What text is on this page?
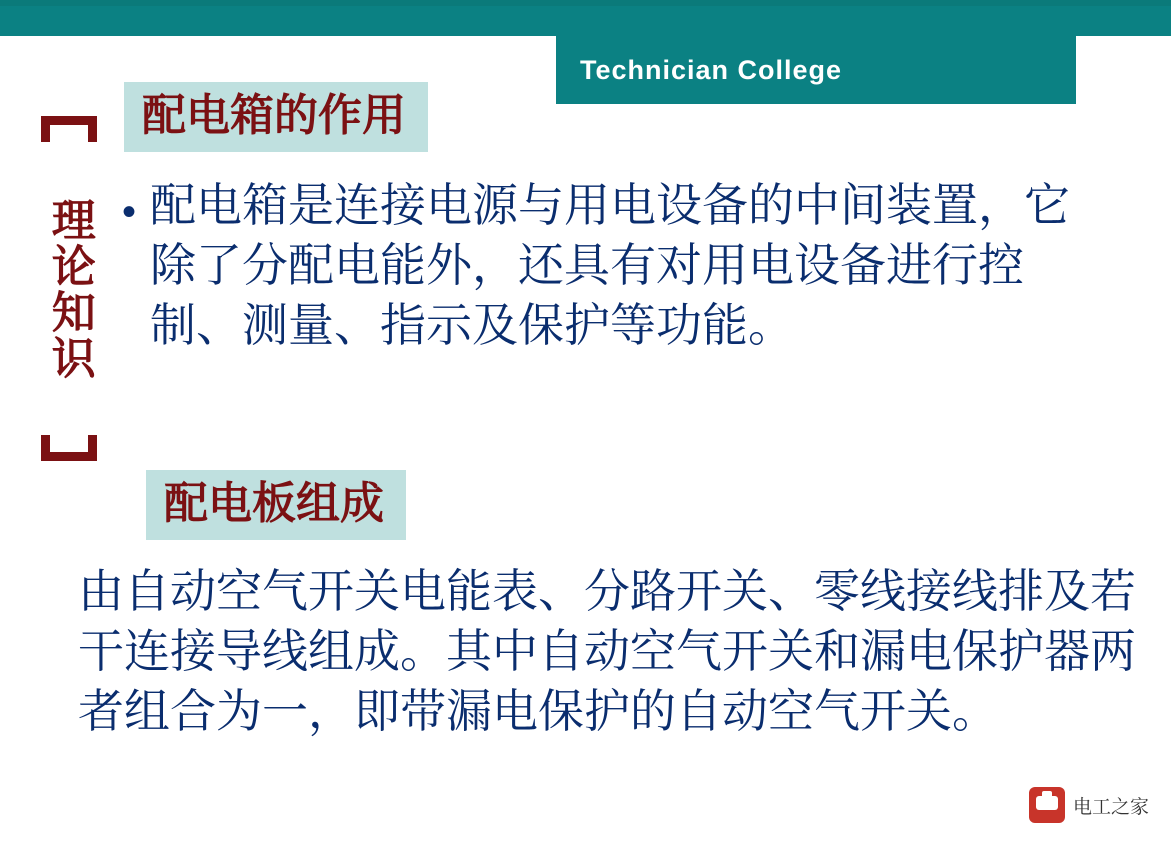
Technician College
理论知识
配电箱的作用
• 配电箱是连接电源与用电设备的中间装置，它除了分配电能外，还具有对用电设备进行控制、测量、指示及保护等功能。
配电板组成
由自动空气开关电能表、分路开关、零线接线排及若干连接导线组成。其中自动空气开关和漏电保护器两者组合为一，即带漏电保护的自动空气开关。
电工之家
